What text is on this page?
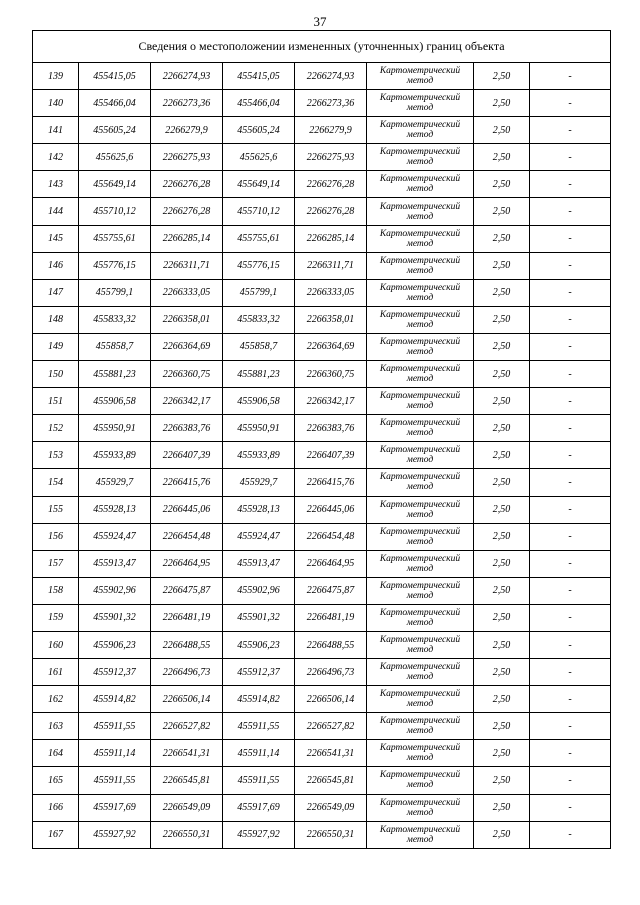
37
Сведения о местоположении измененных (уточненных) границ объекта							
139	455415,05	2266274,93	455415,05	2266274,93	Картометрический метод	2,50	-
140	455466,04	2266273,36	455466,04	2266273,36	Картометрический метод	2,50	-
141	455605,24	2266279,9	455605,24	2266279,9	Картометрический метод	2,50	-
142	455625,6	2266275,93	455625,6	2266275,93	Картометрический метод	2,50	-
143	455649,14	2266276,28	455649,14	2266276,28	Картометрический метод	2,50	-
144	455710,12	2266276,28	455710,12	2266276,28	Картометрический метод	2,50	-
145	455755,61	2266285,14	455755,61	2266285,14	Картометрический метод	2,50	-
146	455776,15	2266311,71	455776,15	2266311,71	Картометрический метод	2,50	-
147	455799,1	2266333,05	455799,1	2266333,05	Картометрический метод	2,50	-
148	455833,32	2266358,01	455833,32	2266358,01	Картометрический метод	2,50	-
149	455858,7	2266364,69	455858,7	2266364,69	Картометрический метод	2,50	-
150	455881,23	2266360,75	455881,23	2266360,75	Картометрический метод	2,50	-
151	455906,58	2266342,17	455906,58	2266342,17	Картометрический метод	2,50	-
152	455950,91	2266383,76	455950,91	2266383,76	Картометрический метод	2,50	-
153	455933,89	2266407,39	455933,89	2266407,39	Картометрический метод	2,50	-
154	455929,7	2266415,76	455929,7	2266415,76	Картометрический метод	2,50	-
155	455928,13	2266445,06	455928,13	2266445,06	Картометрический метод	2,50	-
156	455924,47	2266454,48	455924,47	2266454,48	Картометрический метод	2,50	-
157	455913,47	2266464,95	455913,47	2266464,95	Картометрический метод	2,50	-
158	455902,96	2266475,87	455902,96	2266475,87	Картометрический метод	2,50	-
159	455901,32	2266481,19	455901,32	2266481,19	Картометрический метод	2,50	-
160	455906,23	2266488,55	455906,23	2266488,55	Картометрический метод	2,50	-
161	455912,37	2266496,73	455912,37	2266496,73	Картометрический метод	2,50	-
162	455914,82	2266506,14	455914,82	2266506,14	Картометрический метод	2,50	-
163	455911,55	2266527,82	455911,55	2266527,82	Картометрический метод	2,50	-
164	455911,14	2266541,31	455911,14	2266541,31	Картометрический метод	2,50	-
165	455911,55	2266545,81	455911,55	2266545,81	Картометрический метод	2,50	-
166	455917,69	2266549,09	455917,69	2266549,09	Картометрический метод	2,50	-
167	455927,92	2266550,31	455927,92	2266550,31	Картометрический метод	2,50	-
